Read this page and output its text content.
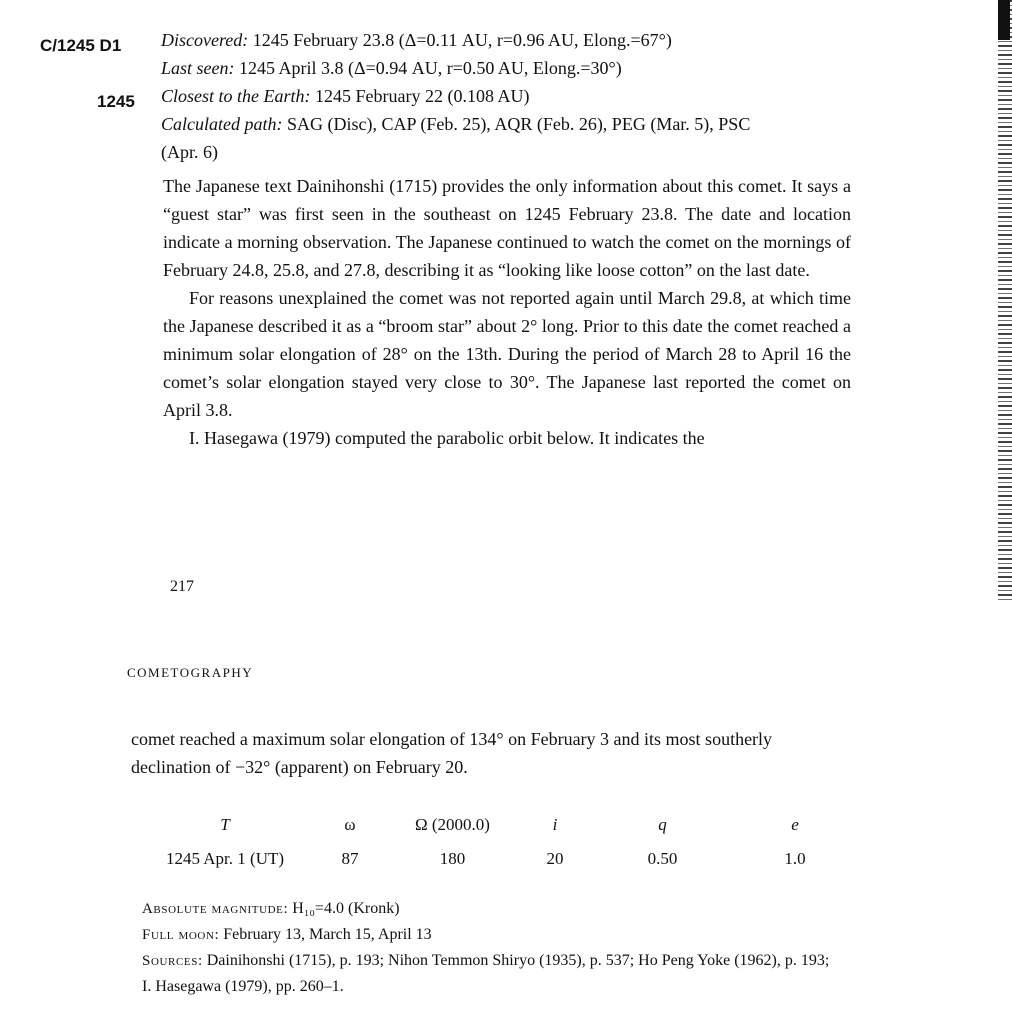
C/1245 D1
1245
Discovered: 1245 February 23.8 (Δ=0.11 AU, r=0.96 AU, Elong.=67°)
Last seen: 1245 April 3.8 (Δ=0.94 AU, r=0.50 AU, Elong.=30°)
Closest to the Earth: 1245 February 22 (0.108 AU)
Calculated path: SAG (Disc), CAP (Feb. 25), AQR (Feb. 26), PEG (Mar. 5), PSC
(Apr. 6)

The Japanese text Dainihonshi (1715) provides the only information about this comet. It says a “guest star” was first seen in the southeast on 1245 February 23.8. The date and location indicate a morning observation. The Japanese continued to watch the comet on the mornings of February 24.8, 25.8, and 27.8, describing it as “looking like loose cotton” on the last date.

For reasons unexplained the comet was not reported again until March 29.8, at which time the Japanese described it as a “broom star” about 2° long. Prior to this date the comet reached a minimum solar elongation of 28° on the 13th. During the period of March 28 to April 16 the comet’s solar elongation stayed very close to 30°. The Japanese last reported the comet on April 3.8.

I. Hasegawa (1979) computed the parabolic orbit below. It indicates the

217
COMETOGRAPHY
comet reached a maximum solar elongation of 134° on February 3 and its most southerly declination of −32° (apparent) on February 20.
T	ω	Ω (2000.0)	i	q	e
1245 Apr. 1 (UT)	87	180	20	0.50	1.0
Absolute magnitude: H₁₀=4.0 (Kronk)
Full moon: February 13, March 15, April 13
Sources: Dainihonshi (1715), p. 193; Nihon Temmon Shiryo (1935), p. 537; Ho Peng Yoke (1962), p. 193; I. Hasegawa (1979), pp. 260–1.
